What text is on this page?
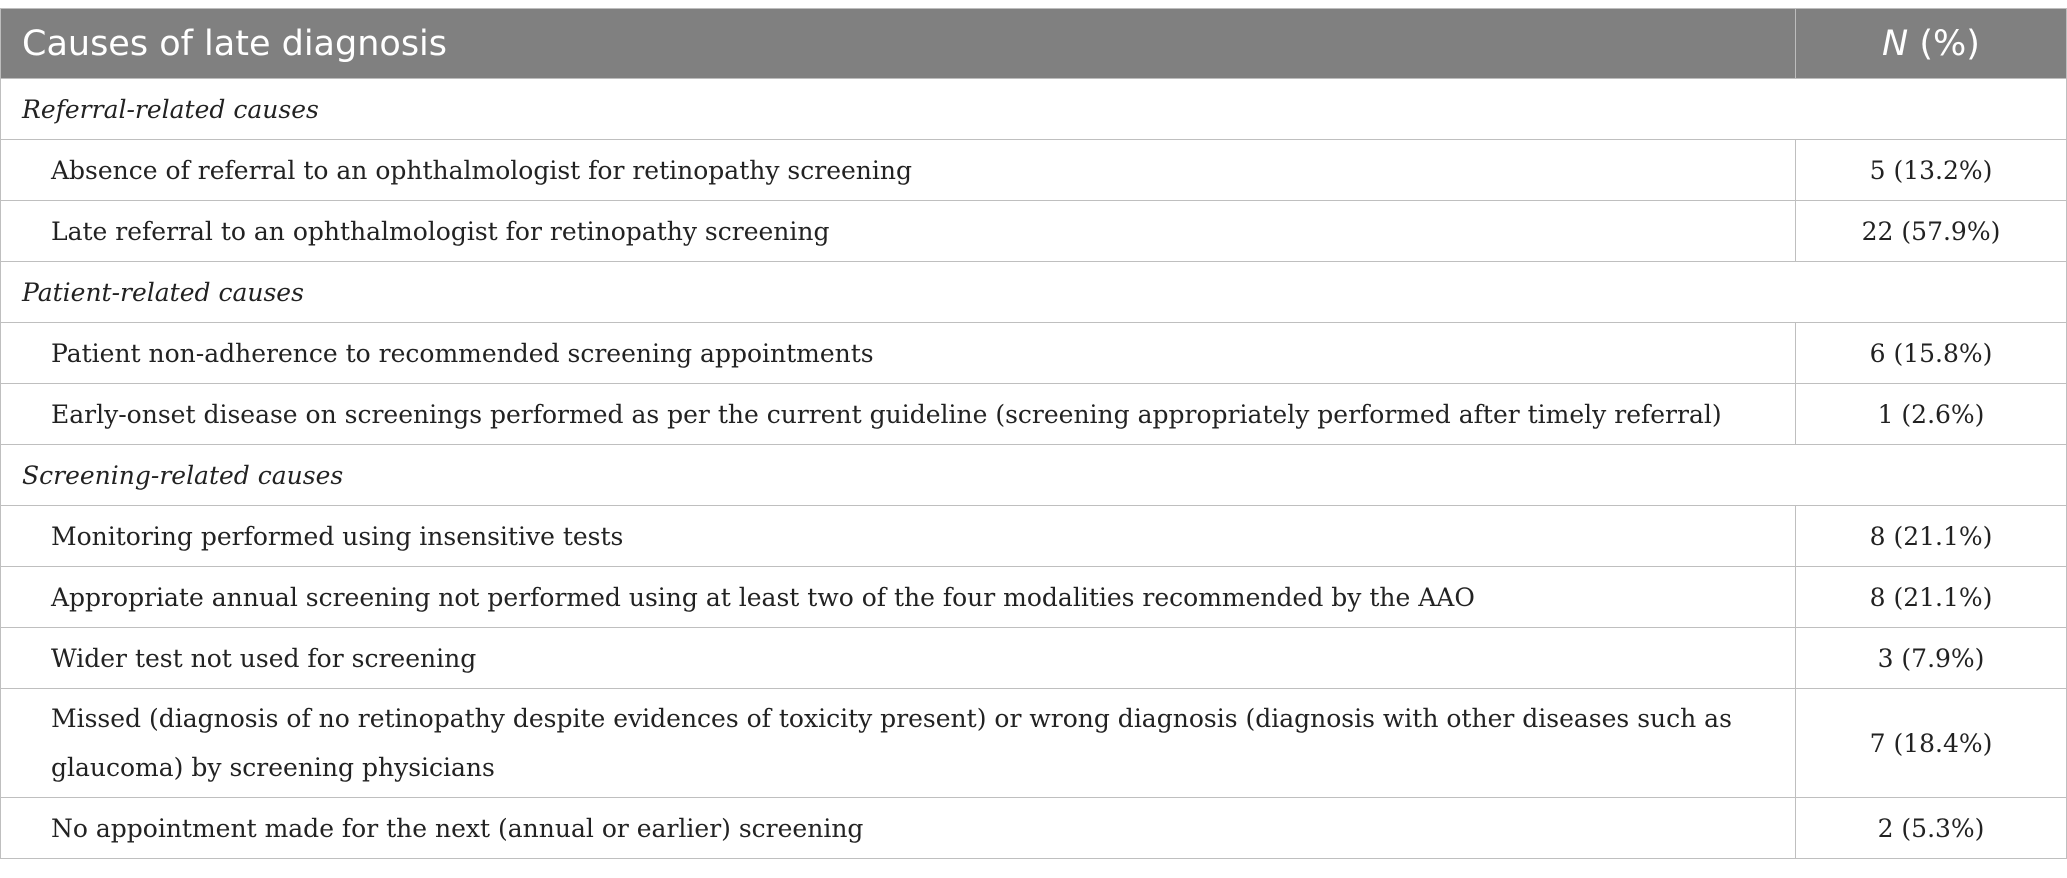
Causes of late diagnosis	N (%)
Referral-related causes	
Absence of referral to an ophthalmologist for retinopathy screening	5 (13.2%)
Late referral to an ophthalmologist for retinopathy screening	22 (57.9%)
Patient-related causes	
Patient non-adherence to recommended screening appointments	6 (15.8%)
Early-onset disease on screenings performed as per the current guideline (screening appropriately performed after timely referral)	1 (2.6%)
Screening-related causes	
Monitoring performed using insensitive tests	8 (21.1%)
Appropriate annual screening not performed using at least two of the four modalities recommended by the AAO	8 (21.1%)
Wider test not used for screening	3 (7.9%)
Missed (diagnosis of no retinopathy despite evidences of toxicity present) or wrong diagnosis (diagnosis with other diseases such as glaucoma) by screening physicians	7 (18.4%)
No appointment made for the next (annual or earlier) screening	2 (5.3%)
